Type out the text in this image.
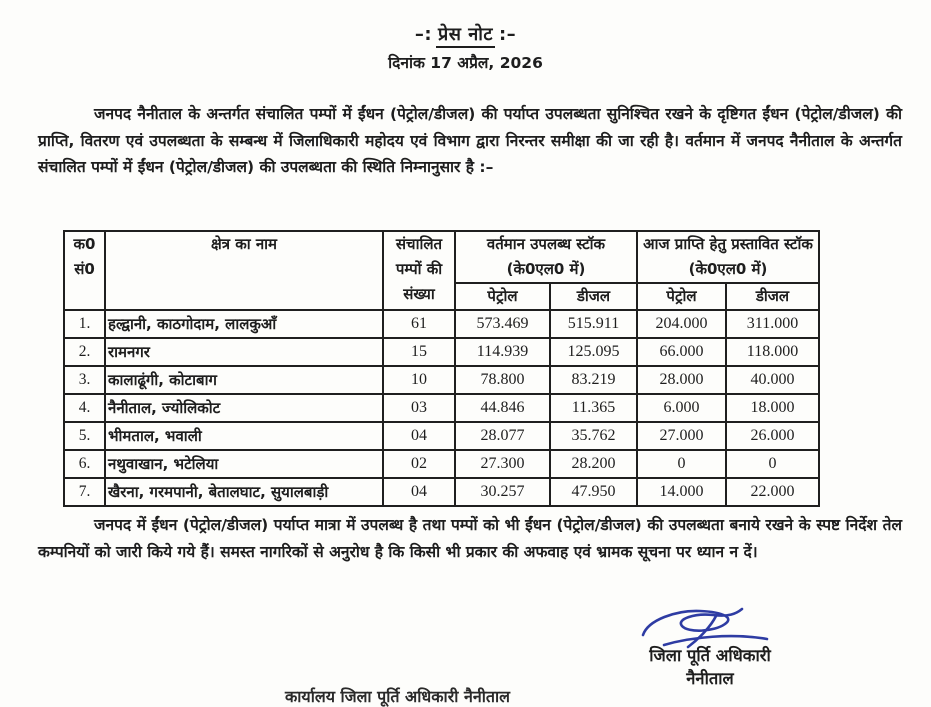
–: प्रेस नोट :–
दिनांक 17 अप्रैल, 2026

जनपद नैनीताल के अन्तर्गत संचालित पम्पों में ईंधन (पेट्रोल/डीजल) की पर्याप्त उपलब्धता सुनिश्चित रखने के दृष्टिगत ईंधन (पेट्रोल/डीजल) की प्राप्ति, वितरण एवं उपलब्धता के सम्बन्ध में जिलाधिकारी महोदय एवं विभाग द्वारा निरन्तर समीक्षा की जा रही है। वर्तमान में जनपद नैनीताल के अन्तर्गत संचालित पम्पों में ईंधन (पेट्रोल/डीजल) की उपलब्धता की स्थिति निम्नानुसार है :–

क0 सं0	क्षेत्र का नाम	संचालित पम्पों की संख्या	वर्तमान उपलब्ध स्टॉक (के0एल0 में)		आज प्राप्ति हेतु प्रस्तावित स्टॉक (के0एल0 में)	
			पेट्रोल	डीजल	पेट्रोल	डीजल
1.	हल्द्वानी, काठगोदाम, लालकुआँ	61	573.469	515.911	204.000	311.000
2.	रामनगर	15	114.939	125.095	66.000	118.000
3.	कालाढूंगी, कोटाबाग	10	78.800	83.219	28.000	40.000
4.	नैनीताल, ज्योलिकोट	03	44.846	11.365	6.000	18.000
5.	भीमताल, भवाली	04	28.077	35.762	27.000	26.000
6.	नथुवाखान, भटेलिया	02	27.300	28.200	0	0
7.	खैरना, गरमपानी, बेतालघाट, सुयालबाड़ी	04	30.257	47.950	14.000	22.000

जनपद में ईंधन (पेट्रोल/डीजल) पर्याप्त मात्रा में उपलब्ध है तथा पम्पों को भी ईंधन (पेट्रोल/डीजल) की उपलब्धता बनाये रखने के स्पष्ट निर्देश तेल कम्पनियों को जारी किये गये हैं। समस्त नागरिकों से अनुरोध है कि किसी भी प्रकार की अफवाह एवं भ्रामक सूचना पर ध्यान न दें।

जिला पूर्ति अधिकारी
नैनीताल
कार्यालय जिला पूर्ति अधिकारी नैनीताल
